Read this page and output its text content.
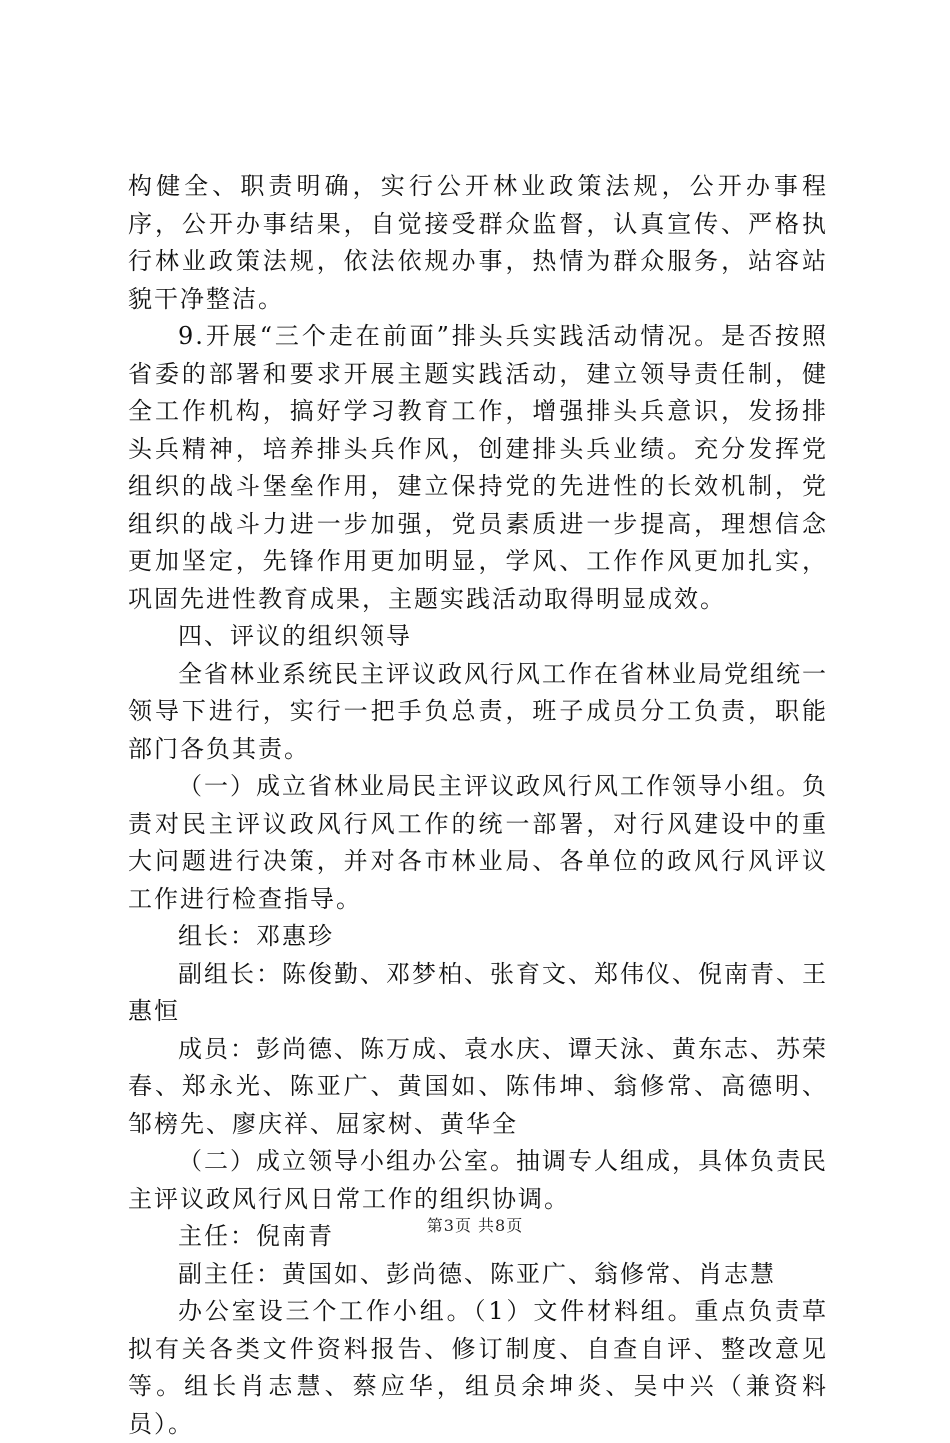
构健全、职责明确，实行公开林业政策法规，公开办事程序，公开办事结果，自觉接受群众监督，认真宣传、严格执行林业政策法规，依法依规办事，热情为群众服务，站容站貌干净整洁。

9.开展“三个走在前面”排头兵实践活动情况。是否按照省委的部署和要求开展主题实践活动，建立领导责任制，健全工作机构，搞好学习教育工作，增强排头兵意识，发扬排头兵精神，培养排头兵作风，创建排头兵业绩。充分发挥党组织的战斗堡垒作用，建立保持党的先进性的长效机制，党组织的战斗力进一步加强，党员素质进一步提高，理想信念更加坚定，先锋作用更加明显，学风、工作作风更加扎实，巩固先进性教育成果，主题实践活动取得明显成效。

四、评议的组织领导

全省林业系统民主评议政风行风工作在省林业局党组统一领导下进行，实行一把手负总责，班子成员分工负责，职能部门各负其责。

（一）成立省林业局民主评议政风行风工作领导小组。负责对民主评议政风行风工作的统一部署，对行风建设中的重大问题进行决策，并对各市林业局、各单位的政风行风评议工作进行检查指导。

组长：邓惠珍

副组长：陈俊勤、邓梦柏、张育文、郑伟仪、倪南青、王惠恒

成员：彭尚德、陈万成、袁水庆、谭天泳、黄东志、苏荣春、郑永光、陈亚广、黄国如、陈伟坤、翁修常、高德明、邹榜先、廖庆祥、屈家树、黄华全

（二）成立领导小组办公室。抽调专人组成，具体负责民主评议政风行风日常工作的组织协调。

主任：倪南青

副主任：黄国如、彭尚德、陈亚广、翁修常、肖志慧

办公室设三个工作小组。（1）文件材料组。重点负责草拟有关各类文件资料报告、修订制度、自查自评、整改意见等。组长肖志慧、蔡应华，组员余坤炎、吴中兴（兼资料员）。

第3页 共8页
